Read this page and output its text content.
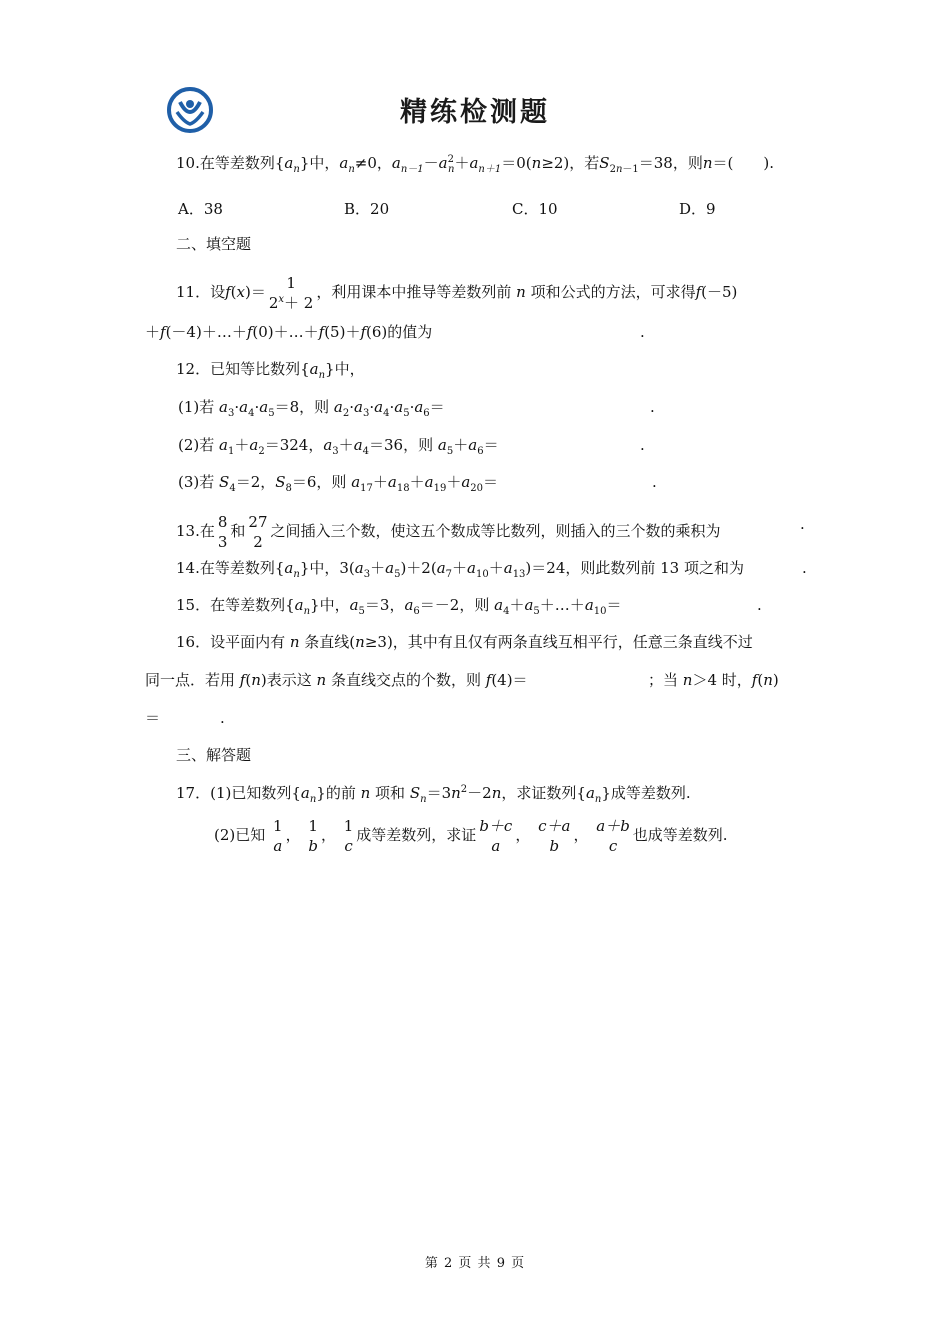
精练检测题
10.在等差数列$\{a_n\}$中，$a_n\ne 0$，$a_{n-1}-a^2_n+a_{n+1}=0(n\ge 2)$，若$S_{2n-1}=38$，则n＝(　　).
A．38	B．20	C．10	D．9
二、填空题
11．设f(x)＝	1
$2^x+ 2$
，利用课本中推导等差数列前 n 项和公式的方法，可求得f(－5)
＋f(－4)＋…＋f(0)＋…＋f(5)＋f(6)的值为	.
12．已知等比数列$\{a_n\}$中，
(1)若 $a_3\cdot a_4\cdot a_5=8$，则 $a_2\cdot a_3\cdot a_4\cdot a_5\cdot a_6=$	.
(2)若 $a_1+a_2=324$，$a_3+a_4=36$，则 $a_5+a_6=$	.
(3)若 $S_4=2$，$S_8=6$，则 $a_{17}+a_{18}+a_{19}+a_{20}=$	.
13.在 8
3
和 27
2
之间插入三个数，使这五个数成等比数列，则插入的三个数的乘积为	.
14.在等差数列$\{a_n\}$中，$3(a_3+a_5)+2(a_7+a_{10}+a_{13})=24$，则此数列前 13 项之和为	.
15．在等差数列$\{a_n\}$中，$a_5=3$，$a_6=-2$，则 $a_4+a_5+\dots+a_{10}=$	.
16．设平面内有 n 条直线(n≥3)，其中有且仅有两条直线互相平行，任意三条直线不过
同一点．若用 f(n)表示这 n 条直线交点的个数，则 f(4)＝	；当 n＞4 时，f(n)
＝	.
三、解答题
17．(1)已知数列$\{a_n\}$的前 n 项和 $S_n=3n^2-2n$，求证数列$\{a_n\}$成等差数列.
(2)已知 1
a
， 1
b
， 1
c
成等差数列，求证 b＋c
a
， c＋a
b
， a＋b
c
也成等差数列.
第 2 页 共 9 页
